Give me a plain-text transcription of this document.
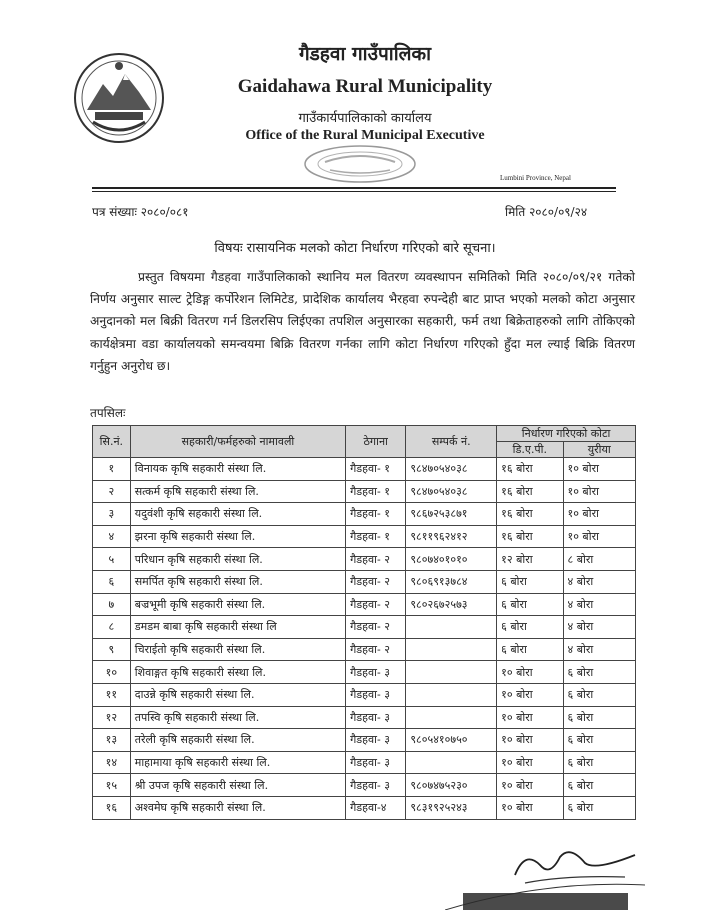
गैडहवा गाउँपालिका
Gaidahawa Rural Municipality
गाउँकार्यपालिकाको कार्यालय
Office of the Rural Municipal Executive
Lumbini Province, Nepal
पत्र संख्याः २०८०/०८१	मिति २०८०/०९/२४
विषयः रासायनिक मलको कोटा निर्धारण गरिएको बारे सूचना।
प्रस्तुत विषयमा गैडहवा गाउँपालिकाको स्थानिय मल वितरण व्यवस्थापन समितिको मिति २०८०/०९/२१ गतेको निर्णय अनुसार साल्ट ट्रेडिङ्ग कर्पोरेशन लिमिटेड, प्रादेशिक कार्यालय भैरहवा रुपन्देही बाट प्राप्त भएको मलको कोटा अनुसार अनुदानको मल बिक्री वितरण गर्न डिलरसिप लिईएका तपशिल अनुसारका सहकारी, फर्म तथा बिक्रेताहरुको लागि तोकिएको कार्यक्षेत्रमा वडा कार्यालयको समन्वयमा बिक्रि वितरण गर्नका लागि कोटा निर्धारण गरिएको हुँदा मल ल्याई बिक्रि वितरण गर्नुहुन अनुरोध छ।
तपसिलः
सि.नं.	सहकारी/फर्महरुको नामावली	ठेगाना	सम्पर्क नं.	निर्धारण गरिएको कोटा	
				डि.ए.पी.	युरीया
१	विनायक कृषि सहकारी संस्था लि.	गैडहवा- १	९८४७०५४०३८	१६ बोरा	१० बोरा
२	सत्कर्म कृषि सहकारी संस्था लि.	गैडहवा- १	९८४७०५४०३८	१६ बोरा	१० बोरा
३	यदुवंशी कृषि सहकारी संस्था लि.	गैडहवा- १	९८६७२५३८७१	१६ बोरा	१० बोरा
४	झरना कृषि सहकारी संस्था लि.	गैडहवा- १	९८११९६२४१२	१६ बोरा	१० बोरा
५	परिधान कृषि सहकारी संस्था लि.	गैडहवा- २	९८०७४०१०१०	१२ बोरा	८ बोरा
६	समर्पित कृषि सहकारी संस्था लि.	गैडहवा- २	९८०६९१३७८४	६ बोरा	४ बोरा
७	बज्रभूमी कृषि सहकारी संस्था लि.	गैडहवा- २	९८०२६७२५७३	६ बोरा	४ बोरा
८	डमडम बाबा कृषि सहकारी संस्था लि	गैडहवा- २		६ बोरा	४ बोरा
९	चिराईतो कृषि सहकारी संस्था लि.	गैडहवा- २		६ बोरा	४ बोरा
१०	शिवाङ्गत कृषि सहकारी संस्था लि.	गैडहवा- ३		१० बोरा	६ बोरा
११	दाउन्ने कृषि सहकारी संस्था लि.	गैडहवा- ३		१० बोरा	६ बोरा
१२	तपस्वि कृषि सहकारी संस्था लि.	गैडहवा- ३		१० बोरा	६ बोरा
१३	तरेली कृषि सहकारी संस्था लि.	गैडहवा- ३	९८०५४१०७५०	१० बोरा	६ बोरा
१४	माहामाया कृषि सहकारी संस्था लि.	गैडहवा- ३		१० बोरा	६ बोरा
१५	श्री उपज कृषि सहकारी संस्था लि.	गैडहवा- ३	९८०७४७५२३०	१० बोरा	६ बोरा
१६	अश्वमेघ कृषि सहकारी संस्था लि.	गैडहवा-४	९८३१९२५२४३	१० बोरा	६ बोरा
